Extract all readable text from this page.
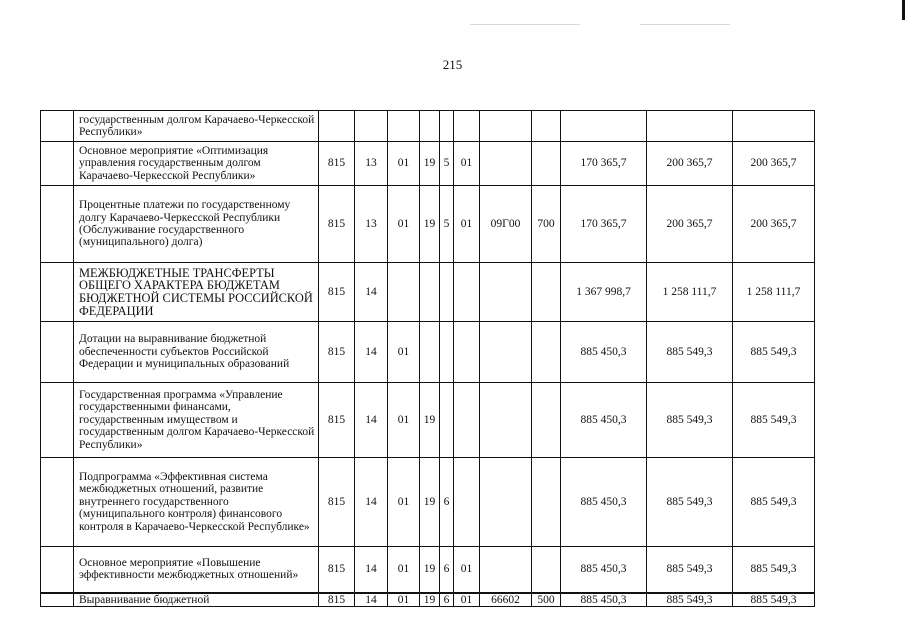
215
	государственным долгом Карачаево-Черкесской Республики»											
	Основное мероприятие «Оптимизация управления государственным долгом Карачаево-Черкесской Республики»	815	13	01	19	5	01			170 365,7	200 365,7	200 365,7
	Процентные платежи по государственному долгу Карачаево-Черкесской Республики (Обслуживание государственного (муниципального) долга)	815	13	01	19	5	01	09Г00	700	170 365,7	200 365,7	200 365,7
	МЕЖБЮДЖЕТНЫЕ ТРАНСФЕРТЫ ОБЩЕГО ХАРАКТЕРА БЮДЖЕТАМ БЮДЖЕТНОЙ СИСТЕМЫ РОССИЙСКОЙ ФЕДЕРАЦИИ	815	14							1 367 998,7	1 258 111,7	1 258 111,7
	Дотации на выравнивание бюджетной обеспеченности субъектов Российской Федерации и муниципальных образований	815	14	01						885 450,3	885 549,3	885 549,3
	Государственная программа «Управление государственными финансами, государственным имуществом и государственным долгом Карачаево-Черкесской Республики»	815	14	01	19					885 450,3	885 549,3	885 549,3
	Подпрограмма «Эффективная система межбюджетных отношений, развитие внутреннего государственного (муниципального контроля) финансового контроля в Карачаево-Черкесской Республике»	815	14	01	19	6				885 450,3	885 549,3	885 549,3
	Основное мероприятие «Повышение эффективности межбюджетных отношений»	815	14	01	19	6	01			885 450,3	885 549,3	885 549,3
	Выравнивание бюджетной	815	14	01	19	6	01	66602	500	885 450,3	885 549,3	885 549,3
